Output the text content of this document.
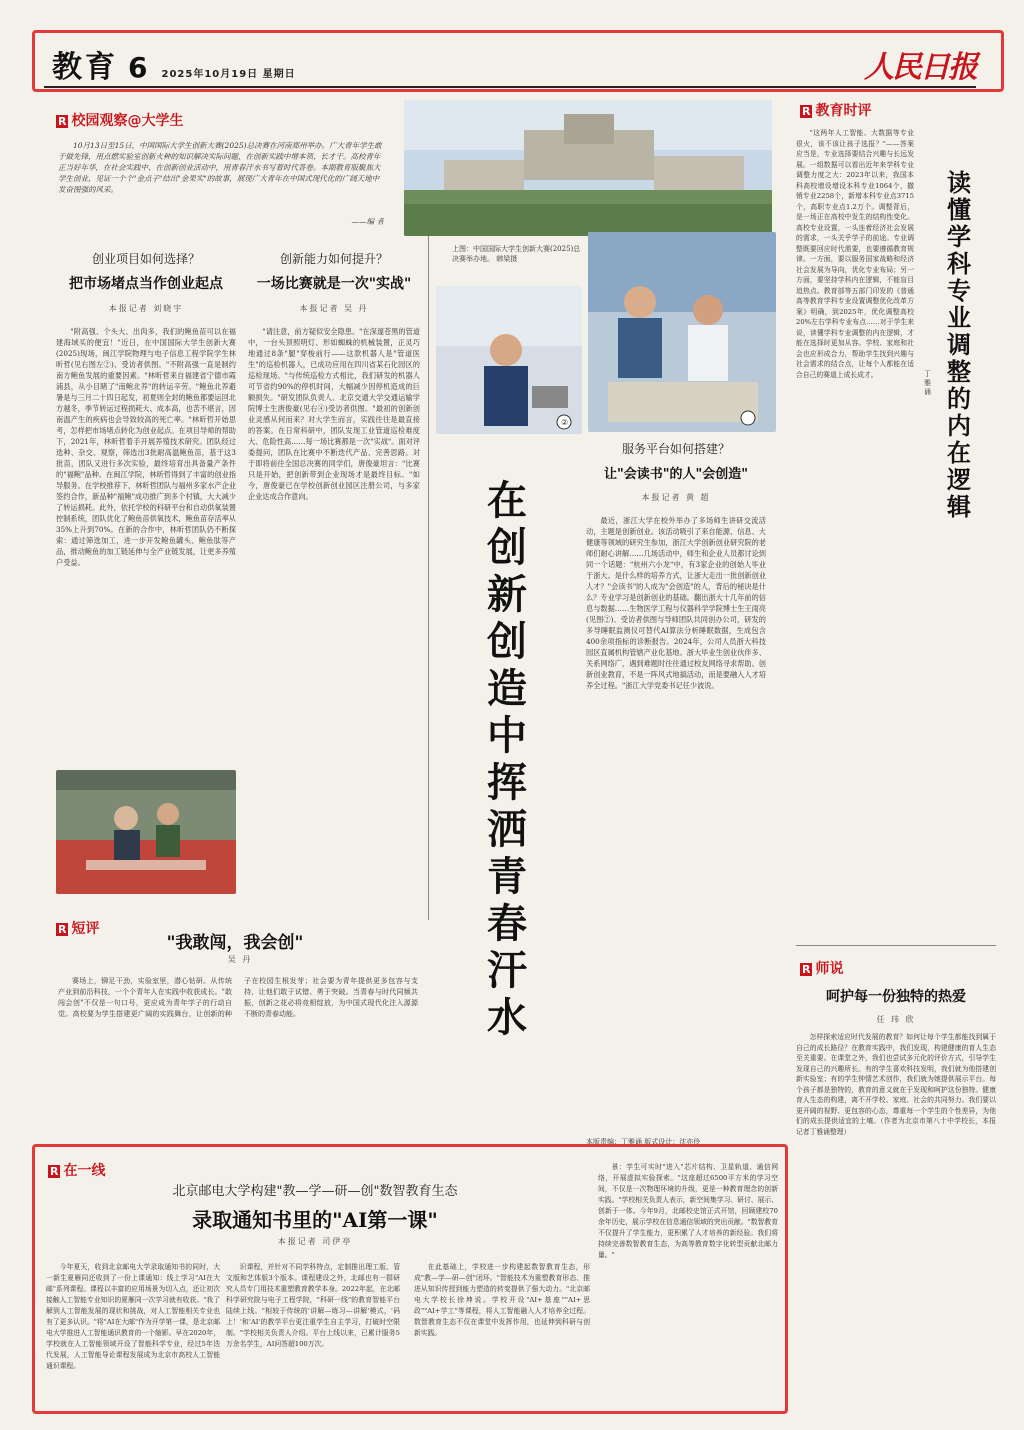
教育 6 2025年10月19日 星期日	人民日报
R 校园观察@大学生
10月13日至15日，中国国际大学生创新大赛(2025)总决赛在河南郑州举办。广大青年学生敢于做先锋，用点燃实验室创新火种的知识解决实际问题，在创新实践中增本领、长才干。高校青年正当好年华，在社会实践中、在创新创业活动中，用青春汗水书写着时代答卷。本期教育版聚焦大学生创业，见证一个个"金点子"结出"金果实"的故事，展现广大青年在中国式现代化的广阔天地中发奋图强的风采。
——编 者
创业项目如何选择？
把市场堵点当作创业起点
本报记者 刘晓宇
"附高强、个头大、出肉多，我们的鲍鱼苗可以在福建海域买的便宜！"近日，在中国国际大学生创新大赛(2025)现场，闽江学院物理与电子信息工程学院学生林昕哲(见右图左②)、受访者供图。"不附高强一直是制约南方鲍鱼发展的重要因素。"林昕哲来自福建省宁德市霞浦县，从小目睹了"南鲍北养"的转运辛劳。"鲍鱼北养避暑是与三月二十四日起发，初夏则全封的鲍鱼都要运回北方越冬，季节转运过程损耗大、成本高，也苦不堪言，因南温产生的疾病也会导致较高的死亡率。"林昕哲开始思考，怎样把市场堵点转化为创业起点。在项目导师的帮助下，2021年，林昕哲着手开展养殖技术研究。团队经过选种、杂交、观察，筛选出3批耐高温鲍鱼苗，基于这3批苗，团队又进行多次实验，最终培育出具备量产条件的"福鲍"品种。在闽江学院，林昕哲得到了丰富的创业指导服务。在学校推荐下，林昕哲团队与福州多家水产企业签约合作，新品种"福鲍"成功推广到多个村镇，大大减少了转运损耗。此外，依托学校的科研平台和自动供氧装置控制系统，团队优化了鲍鱼苗供氧技术，鲍鱼苗存活率从35%上升到70%。在新的合作中，林昕哲团队仍不断探索：通过筛选加工，进一步开发鲍鱼罐头、鲍鱼肽等产品，推动鲍鱼的加工链延伸与全产业链发展，让更多养殖户受益。
创新能力如何提升？
一场比赛就是一次"实战"
本报记者 吴 丹
"请注意，前方疑似安全隐患。"在深邃苍黑的管道中，一台头顶照明灯、形如蜘蛛的机械装置，正灵巧地通过8条"腿"穿梭前行——这款机器人是"管道医生"的巡检机器人，已成功应用在四川省某石化园区的巡检现场。"与传统巡检方式相比，我们研发的机器人可节省约90%的停机时间，大幅减少因停机造成的巨额损失。"研发团队负责人、北京交通大学交通运输学院博士生唐俊豪(见右④)受访者供图。"最初的创新创业灵感从何而来？对大学生而言，实践往往是最直接的答案。在日常科研中，团队发现工业管道巡检难度大、危险性高……每一场比赛都是一次"实战"。面对评委提问，团队在比赛中不断迭代产品、完善思路。对于即将前往全国总决赛的同学们，唐俊豪坦言："比赛只是开始，把创新带到企业现场才是最终目标。"如今，唐俊豪已在学校创新创业园区注册公司，与多家企业达成合作意向。
上图：中国国际大学生创新大赛(2025)总决赛举办地。 韩梁摄
②
在创新创造中挥洒青春汗水
服务平台如何搭建？
让"会读书"的人"会创造"
本报记者 黄 超
最近，浙江大学在校外举办了多场师生讲研交流活动，主题是创新创业。该活动吸引了来自能源、信息、大健康等领域的研究生参加，浙江大学创新创业研究院的老师们耐心讲解……几场活动中，师生和企业人员都讨论到同一个话题："杭州六小龙"中，有3家企业的创始人毕业于浙大。是什么样的培养方式，让浙大走出一批创新创业人才？"会读书"的人成为"会创造"的人，背后的秘诀是什么？专业学习是创新创业的基础。翻出浙大十几年前的信息与数据……生物医学工程与仪器科学学院博士生王雨亮(见图②)、受访者供图与导师团队共同创办公司，研发的多导睡眠监测仪可替代AI算法分析睡眠数据，生成包含400余项指标的诊断报告。2024年，公司人员浙大科技园区直属机构管辖产业化基地。浙大毕业生创业伙伴多、关系网络广，遇到难题时往往通过校友网络寻求帮助。创新创业教育，不是一阵风式地搞活动，而是要融入人才培养全过程。"浙江大学党委书记任少波说。
本版责编：丁雅诵 版式设计：沈亦伶
R 短评
"我敢闯，我会创"
吴 丹
赛场上，铆足干劲，实验室里，潜心钻研。从传统产业到前沿科技，一个个青年人在实践中收获成长。"敢闯会创"不仅是一句口号，更应成为青年学子的行动自觉。高校要为学生搭建更广阔的实践舞台，让创新的种子在校园生根发芽；社会要为青年提供更多包容与支持，让他们敢于试错、勇于突破。当青春与时代同频共振，创新之花必将竞相绽放，为中国式现代化注入源源不断的青春动能。
R 教育时评
"这两年人工智能、大数据等专业很火，该不该让孩子选报？"——答案应当是，专业选择要结合兴趣与长远发展。一组数据可以看出近年来学科专业调整力度之大：2023年以来，我国本科高校增设增设本科专业1064个，撤销专业2258个，新增本科专业点3715个，高职专业点1.2万个。调整背后，是一场正在高校中发生的结构性变化。高校专业设置，一头连着经济社会发展的需求，一头关乎学子的前途。专业调整既要回应时代需要，也要遵循教育规律。一方面，要以服务国家战略和经济社会发展为导向，优化专业布局；另一方面，要坚持学科内在逻辑，不能盲目追热点。教育部等五部门印发的《普通高等教育学科专业设置调整优化改革方案》明确，到2025年，优化调整高校20%左右学科专业布点……对于学生来说，读懂学科专业调整的内在逻辑，才能在选择时更加从容。学校、家庭和社会也应形成合力，帮助学生找到兴趣与社会需求的结合点，让每个人都能在适合自己的赛道上成长成才。
读懂学科专业调整的内在逻辑
丁雅诵
R 师说
呵护每一份独特的热爱
任 玮 欣
怎样探索适应时代发展的教育？如何让每个学生都能找到属于自己的成长路径？在教育实践中，我们发现，构建健康的育人生态至关重要。在课堂之外，我们也尝试多元化的评价方式，引导学生发现自己的兴趣所长。有的学生喜欢科技发明，我们就为他搭建创新实验室；有的学生钟情艺术创作，我们就为她提供展示平台。每个孩子都是独特的，教育的意义就在于发现和呵护这份独特。健康育人生态的构建，离不开学校、家庭、社会的共同努力。我们要以更开阔的视野、更包容的心态，尊重每一个学生的个性差异，为他们的成长提供适宜的土壤。（作者为北京市第八十中学校长，本报记者丁雅诵整理）
R 在一线
北京邮电大学构建"教—学—研—创"数智教育生态
录取通知书里的"AI第一课"
本报记者 司伊亭
今年夏天，收到北京邮电大学录取通知书的同时，大一新生夏雁同还收到了一份上课通知：线上学习"AI在大邮"系列课程。课程以丰富的应用场景为切入点，还让初次接触人工智能专业知识的夏雁同一次学习就有收获。"我了解到人工智能发展的现状和挑战，对人工智能相关专业也有了更多认识。"将"AI在大邮"作为开学第一课，是北京邮电大学推进人工智能通识教育的一个缩影。早在2020年，学校就在人工智能领域开设了智能科学专业，经过5年迭代发展，人工智能导论课程发展成为北京市高校人工智能通识课程。
识课程，并针对不同学科特点，定制推出理工版、管文版和艺体版3个版本。课程建设之外，北邮也有一群研究人员专门用技术重塑教育教学本身。2022年起，在北邮科学研究院与电子工程学院，"科研一线"的教育智能平台陆续上线。"相较于传统的'讲解—练习—讲解'模式，'码上！'和'AI'的教学平台更注重学生自主学习，打破时空限制。"学校相关负责人介绍。平台上线以来，已累计服务5万余名学生，AI问答超100万次。
在此基础上，学校进一步构建起数智教育生态，形成"教—学—研—创"闭环。"智能技术为重塑教育形态、推进从知识传授到能力塑造的转变提供了强大动力。"北京邮电大学校长徐坤说。学校开设"AI+基座""AI+思政""AI+学工"等课程，将人工智能融入人才培养全过程。数智教育生态不仅在课堂中发挥作用，也延伸到科研与创新实践。
景：学生可实时"进入"芯片结构、卫星轨道、通信网络，开展虚拟实验探索。"这座超过6500平方米的学习空间，不仅是一次物理环境的升级，更是一种教育理念的创新实践。"学校相关负责人表示，新空间集学习、研讨、展示、创新于一体。今年9月，北邮校史馆正式开馆，回顾建校70余年历史，展示学校在信息通信领域的突出贡献。"数智教育不仅提升了学生能力，更积累了人才培养的新经验。我们将持续完善数智教育生态，为高等教育数字化转型贡献北邮力量。"
